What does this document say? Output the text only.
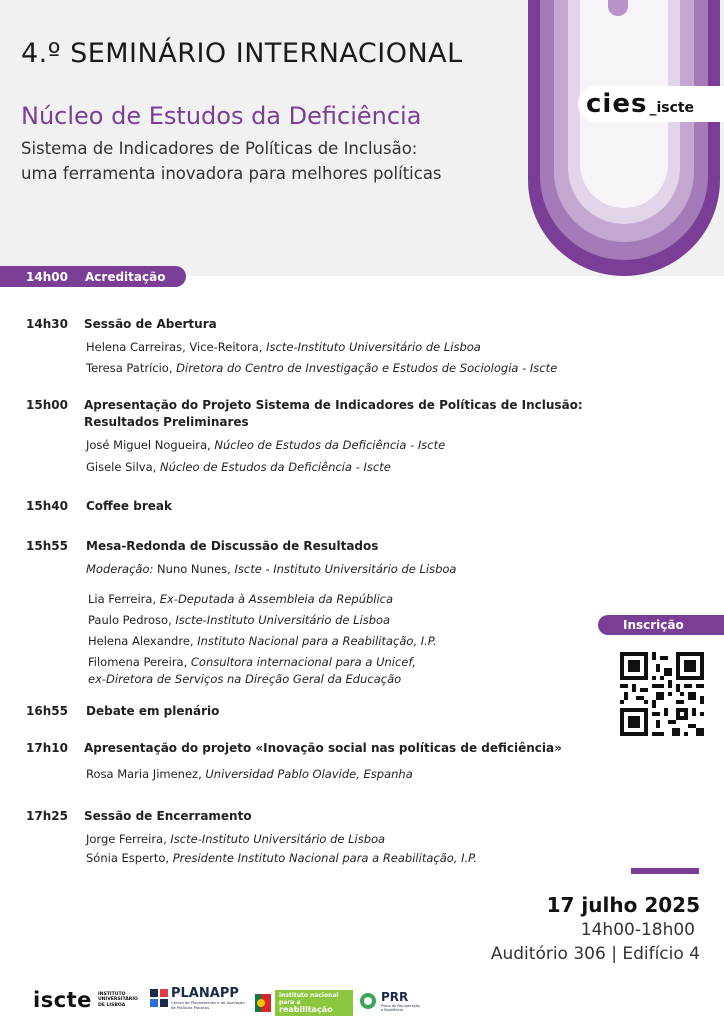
cies _iscte
4.º SEMINÁRIO INTERNACIONAL
Núcleo de Estudos da Deficiência
Sistema de Indicadores de Políticas de Inclusão:
uma ferramenta inovadora para melhores políticas
14h00	Acreditação
14h30 Sessão de Abertura
Helena Carreiras, Vice-Reitora, Iscte-Instituto Universitário de Lisboa
Teresa Patrício, Diretora do Centro de Investigação e Estudos de Sociologia - Iscte
15h00 Apresentação do Projeto Sistema de Indicadores de Políticas de Inclusão:
Resultados Preliminares
José Miguel Nogueira, Núcleo de Estudos da Deficiência - Iscte
Gisele Silva, Núcleo de Estudos da Deficiência - Iscte
15h40 Coffee break
15h55 Mesa-Redonda de Discussão de Resultados
Moderação: Nuno Nunes, Iscte - Instituto Universitário de Lisboa
Lia Ferreira, Ex-Deputada à Assembleia da República
Paulo Pedroso, Iscte-Instituto Universitário de Lisboa
Helena Alexandre, Instituto Nacional para a Reabilitação, I.P.
Filomena Pereira, Consultora internacional para a Unicef,
ex-Diretora de Serviços na Direção Geral da Educação
Inscrição
16h55 Debate em plenário
17h10 Apresentação do projeto «Inovação social nas políticas de deficiência»
Rosa Maria Jimenez, Universidad Pablo Olavide, Espanha
17h25 Sessão de Encerramento
Jorge Ferreira, Iscte-Instituto Universitário de Lisboa
Sónia Esperto, Presidente Instituto Nacional para a Reabilitação, I.P.
17 julho 2025
14h00-18h00
Auditório 306 | Edifício 4
iscte INSTITUTO
UNIVERSITÁRIO
DE LISBOA
PLANAPP
Centro de Planeamento e de Avaliação
de Políticas Públicas
instituto nacional para a
reabilitação
PRR
Plano de Recuperação
e Resiliência
